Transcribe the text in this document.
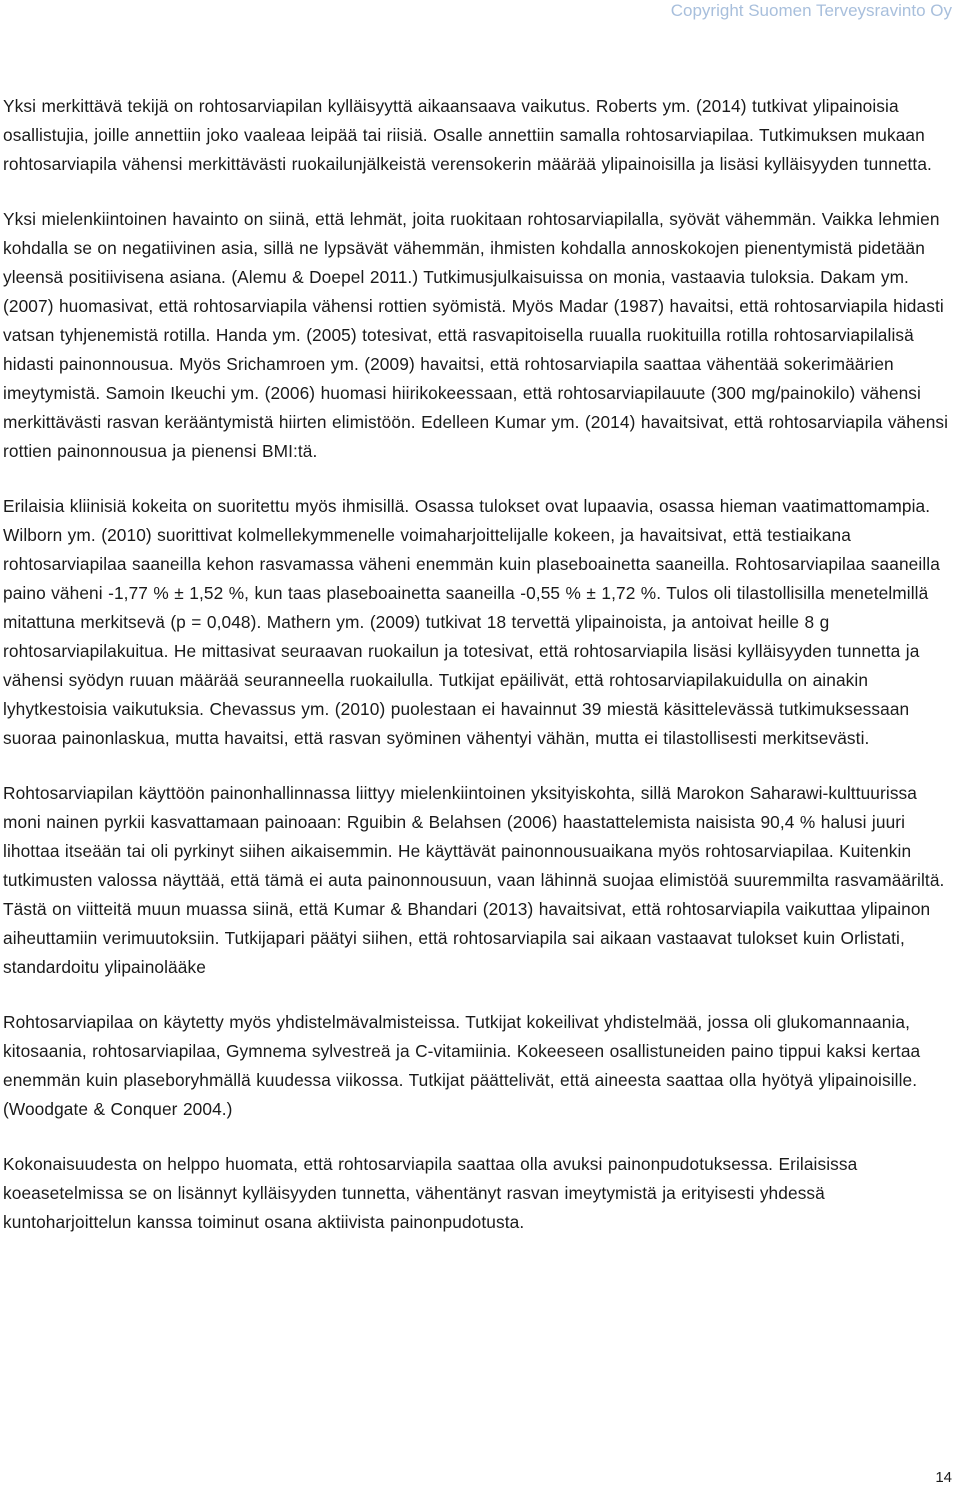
Copyright Suomen Terveysravinto Oy

Yksi merkittävä tekijä on rohtosarviapilan kylläisyyttä aikaansaava vaikutus. Roberts ym. (2014) tutkivat ylipainoisia osallistujia, joille annettiin joko vaaleaa leipää tai riisiä. Osalle annettiin samalla rohtosarviapilaa. Tutkimuksen mukaan rohtosarviapila vähensi merkittävästi ruokailunjälkeistä verensokerin määrää ylipainoisilla ja lisäsi kylläisyyden tunnetta.

Yksi mielenkiintoinen havainto on siinä, että lehmät, joita ruokitaan rohtosarviapilalla, syövät vähemmän. Vaikka lehmien kohdalla se on negatiivinen asia, sillä ne lypsävät vähemmän, ihmisten kohdalla annoskokojen pienentymistä pidetään yleensä positiivisena asiana. (Alemu & Doepel 2011.) Tutkimusjulkaisuissa on monia, vastaavia tuloksia. Dakam ym. (2007) huomasivat, että rohtosarviapila vähensi rottien syömistä. Myös Madar (1987) havaitsi, että rohtosarviapila hidasti vatsan tyhjenemistä rotilla. Handa ym. (2005) totesivat, että rasvapitoisella ruualla ruokituilla rotilla rohtosarviapilalisä hidasti painonnousua. Myös Srichamroen ym. (2009) havaitsi, että rohtosarviapila saattaa vähentää sokerimäärien imeytymistä. Samoin Ikeuchi ym. (2006) huomasi hiirikokeessaan, että rohtosarviapilauute (300 mg/painokilo) vähensi merkittävästi rasvan kerääntymistä hiirten elimistöön. Edelleen Kumar ym. (2014) havaitsivat, että rohtosarviapila vähensi rottien painonnousua ja pienensi BMI:tä.

Erilaisia kliinisiä kokeita on suoritettu myös ihmisillä. Osassa tulokset ovat lupaavia, osassa hieman vaatimattomampia. Wilborn ym. (2010) suorittivat kolmellekymmenelle voimaharjoittelijalle kokeen, ja havaitsivat, että testiaikana rohtosarviapilaa saaneilla kehon rasvamassa väheni enemmän kuin plaseboainetta saaneilla. Rohtosarviapilaa saaneilla paino väheni -1,77 % ± 1,52 %, kun taas plaseboainetta saaneilla -0,55 % ± 1,72 %. Tulos oli tilastollisilla menetelmillä mitattuna merkitsevä (p = 0,048). Mathern ym. (2009) tutkivat 18 tervettä ylipainoista, ja antoivat heille 8 g rohtosarviapilakuitua. He mittasivat seuraavan ruokailun ja totesivat, että rohtosarviapila lisäsi kylläisyyden tunnetta ja vähensi syödyn ruuan määrää seuranneella ruokailulla. Tutkijat epäilivät, että rohtosarviapilakuidulla on ainakin lyhytkestoisia vaikutuksia. Chevassus ym. (2010) puolestaan ei havainnut 39 miestä käsittelevässä tutkimuksessaan suoraa painonlaskua, mutta havaitsi, että rasvan syöminen vähentyi vähän, mutta ei tilastollisesti merkitsevästi.

Rohtosarviapilan käyttöön painonhallinnassa liittyy mielenkiintoinen yksityiskohta, sillä Marokon Saharawi-kulttuurissa moni nainen pyrkii kasvattamaan painoaan: Rguibin & Belahsen (2006) haastattelemista naisista 90,4 % halusi juuri lihottaa itseään tai oli pyrkinyt siihen aikaisemmin. He käyttävät painonnousuaikana myös rohtosarviapilaa. Kuitenkin tutkimusten valossa näyttää, että tämä ei auta painonnousuun, vaan lähinnä suojaa elimistöä suuremmilta rasvamääriltä. Tästä on viitteitä muun muassa siinä, että Kumar & Bhandari (2013) havaitsivat, että rohtosarviapila vaikuttaa ylipainon aiheuttamiin verimuutoksiin. Tutkijapari päätyi siihen, että rohtosarviapila sai aikaan vastaavat tulokset kuin Orlistati, standardoitu ylipainolääke

Rohtosarviapilaa on käytetty myös yhdistelmävalmisteissa. Tutkijat kokeilivat yhdistelmää, jossa oli glukomannaania, kitosaania, rohtosarviapilaa, Gymnema sylvestreä ja C-vitamiinia. Kokeeseen osallistuneiden paino tippui kaksi kertaa enemmän kuin plaseboryhmällä kuudessa viikossa. Tutkijat päättelivät, että aineesta saattaa olla hyötyä ylipainoisille. (Woodgate & Conquer 2004.)

Kokonaisuudesta on helppo huomata, että rohtosarviapila saattaa olla avuksi painonpudotuksessa. Erilaisissa koeasetelmissa se on lisännyt kylläisyyden tunnetta, vähentänyt rasvan imeytymistä ja erityisesti yhdessä kuntoharjoittelun kanssa toiminut osana aktiivista painonpudotusta.

14
